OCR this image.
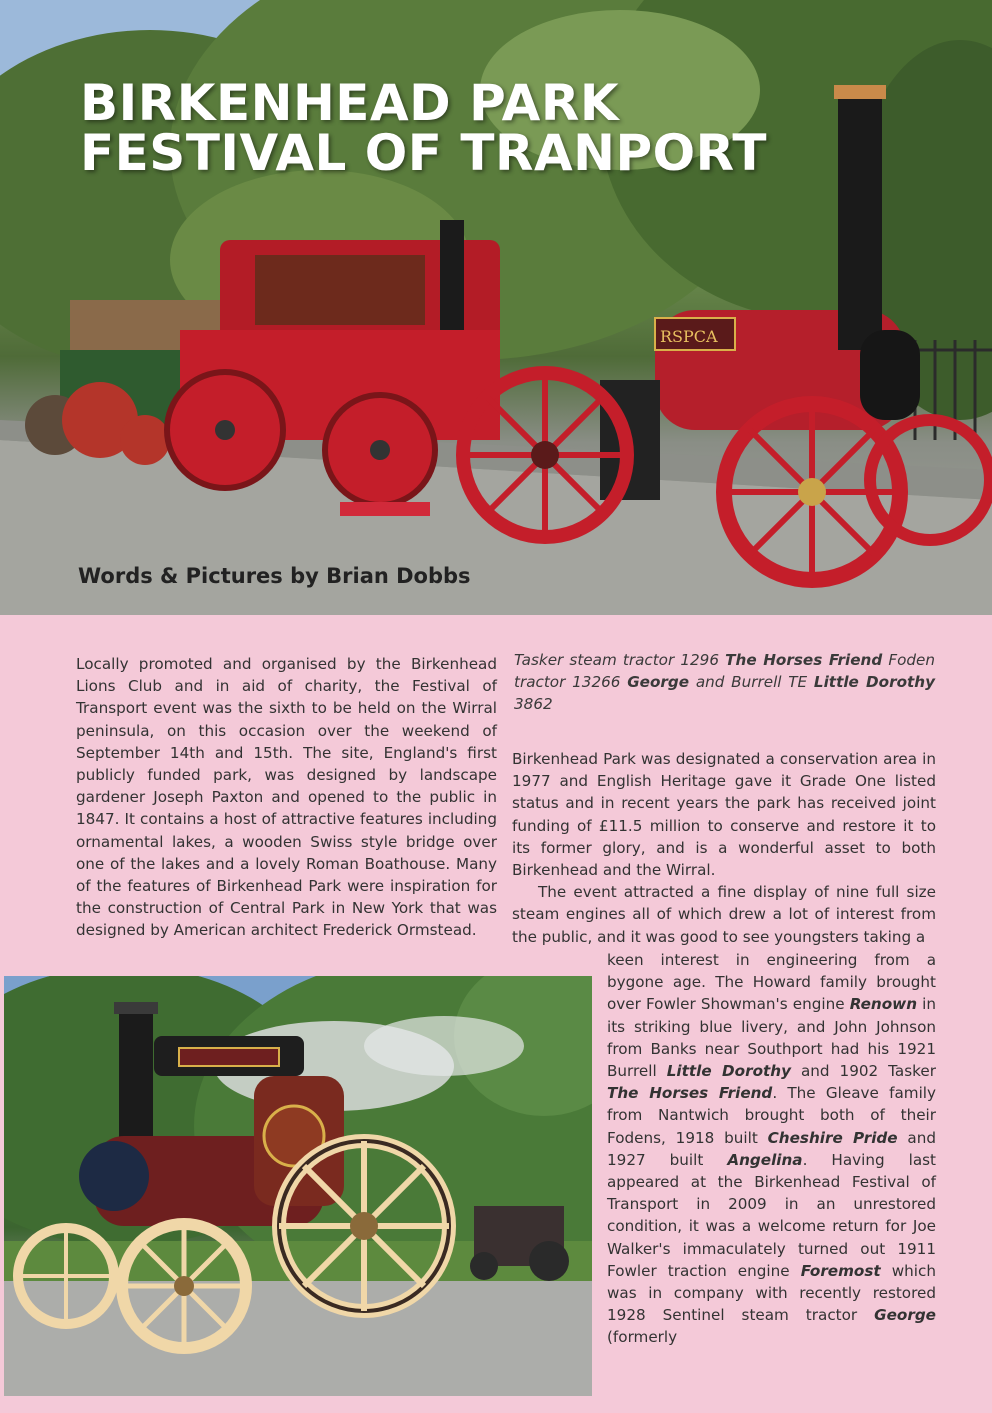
RSPCA
BIRKENHEAD PARK
FESTIVAL OF TRANPORT

Words & Pictures by Brian Dobbs

Locally promoted and organised by the Birkenhead Lions Club and in aid of charity, the Festival of Transport event was the sixth to be held on the Wirral peninsula, on this occasion over the weekend of September 14th and 15th. The site, England's first publicly funded park, was designed by landscape gardener Joseph Paxton and opened to the public in 1847. It contains a host of attractive features including ornamental lakes, a wooden Swiss style bridge over one of the lakes and a lovely Roman Boathouse. Many of the features of Birkenhead Park were inspiration for the construction of Central Park in New York that was designed by American architect Frederick Ormstead.

Tasker steam tractor 1296 The Horses Friend Foden tractor 13266 George and Burrell TE Little Dorothy 3862

Birkenhead Park was designated a conservation area in 1977 and English Heritage gave it Grade One listed status and in recent years the park has received joint funding of £11.5 million to conserve and restore it to its former glory, and is a wonderful asset to both Birkenhead and the Wirral.

The event attracted a fine display of nine full size steam engines all of which drew a lot of interest from the public, and it was good to see youngsters taking a

keen interest in engineering from a bygone age. The Howard family brought over Fowler Showman's engine Renown in its striking blue livery, and John Johnson from Banks near Southport had his 1921 Burrell Little Dorothy and 1902 Tasker The Horses Friend. The Gleave family from Nantwich brought both of their Fodens, 1918 built Cheshire Pride and 1927 built Angelina. Having last appeared at the Birkenhead Festival of Transport in 2009 in an unrestored condition, it was a welcome return for Joe Walker's immaculately turned out 1911 Fowler traction engine Foremost which was in company with recently restored 1928 Sentinel steam tractor George (formerly
